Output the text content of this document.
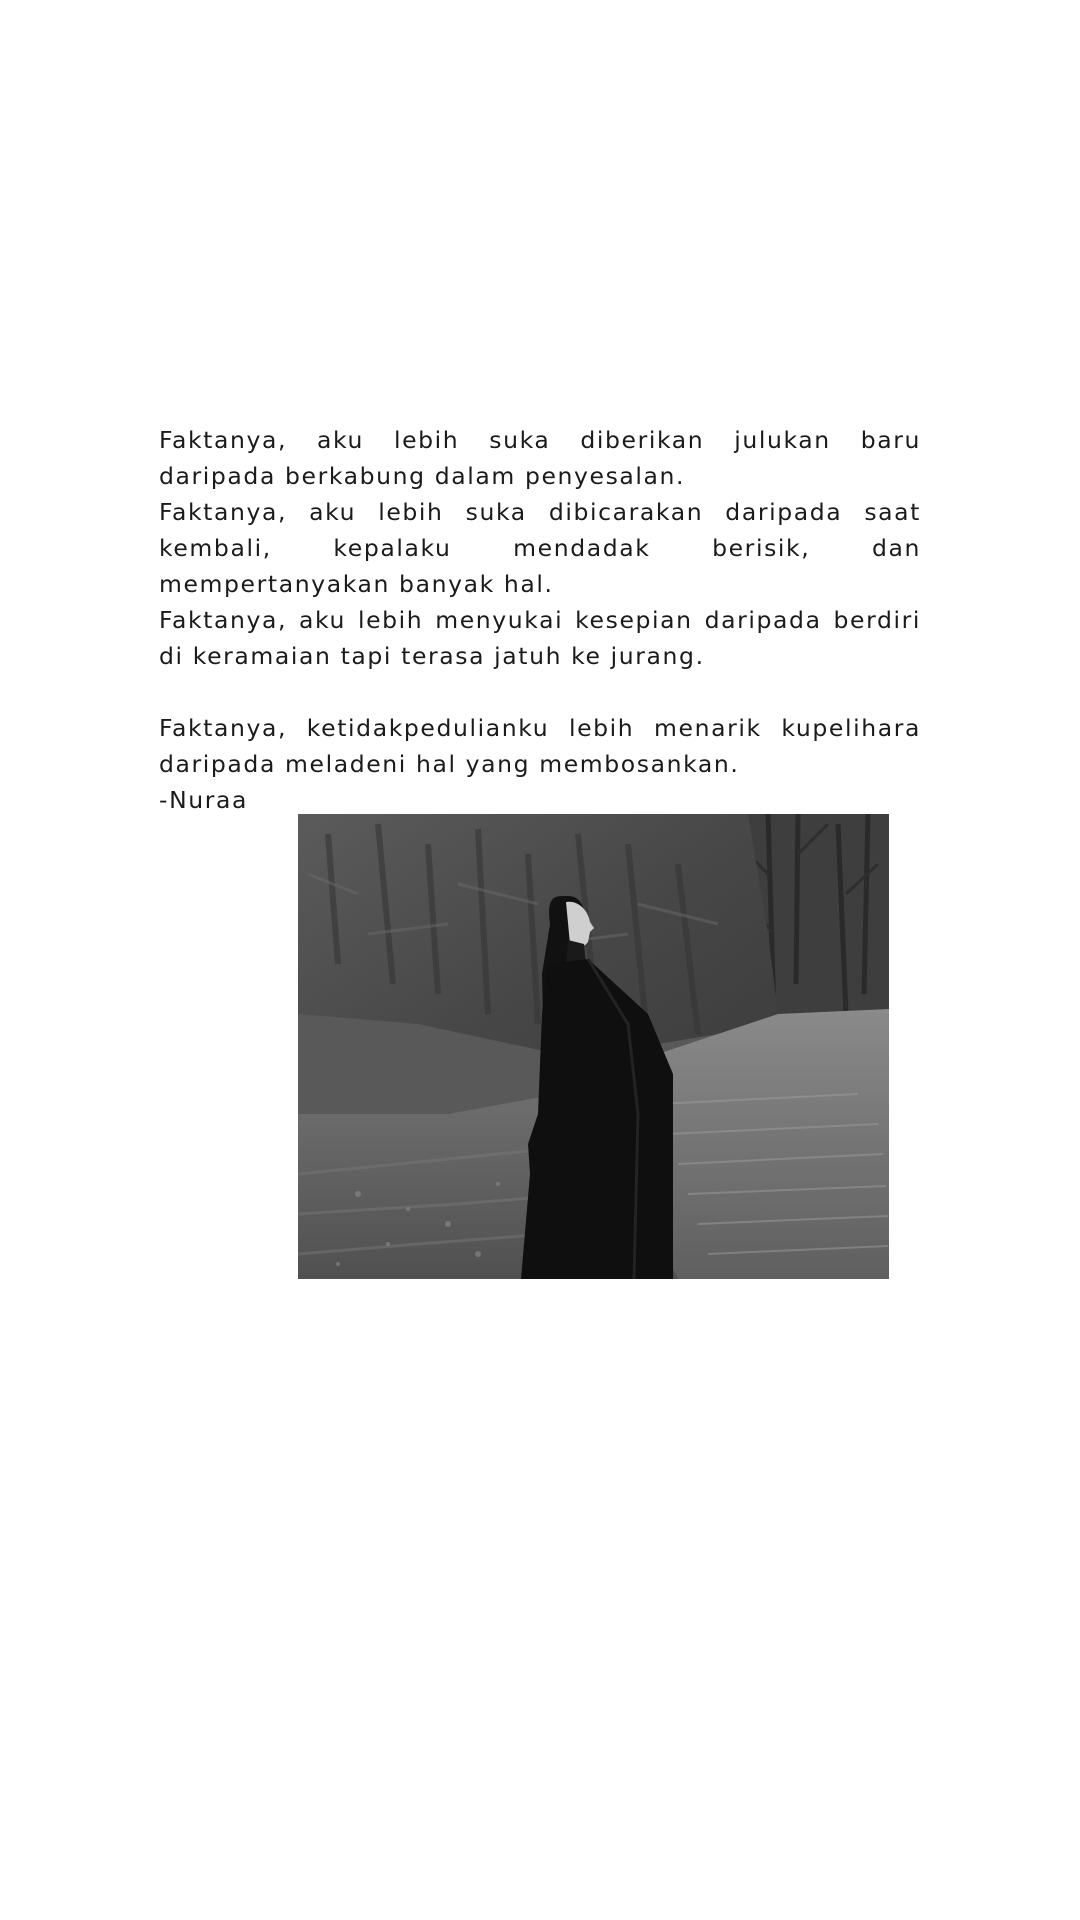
Faktanya, aku lebih suka diberikan julukan baru daripada berkabung dalam penyesalan.

Faktanya, aku lebih suka dibicarakan daripada saat kembali, kepalaku mendadak berisik, dan mempertanyakan banyak hal.

Faktanya, aku lebih menyukai kesepian daripada berdiri di keramaian tapi terasa jatuh ke jurang.

Faktanya, ketidakpedulianku lebih menarik kupelihara daripada meladeni hal yang membosankan.

-Nuraa
